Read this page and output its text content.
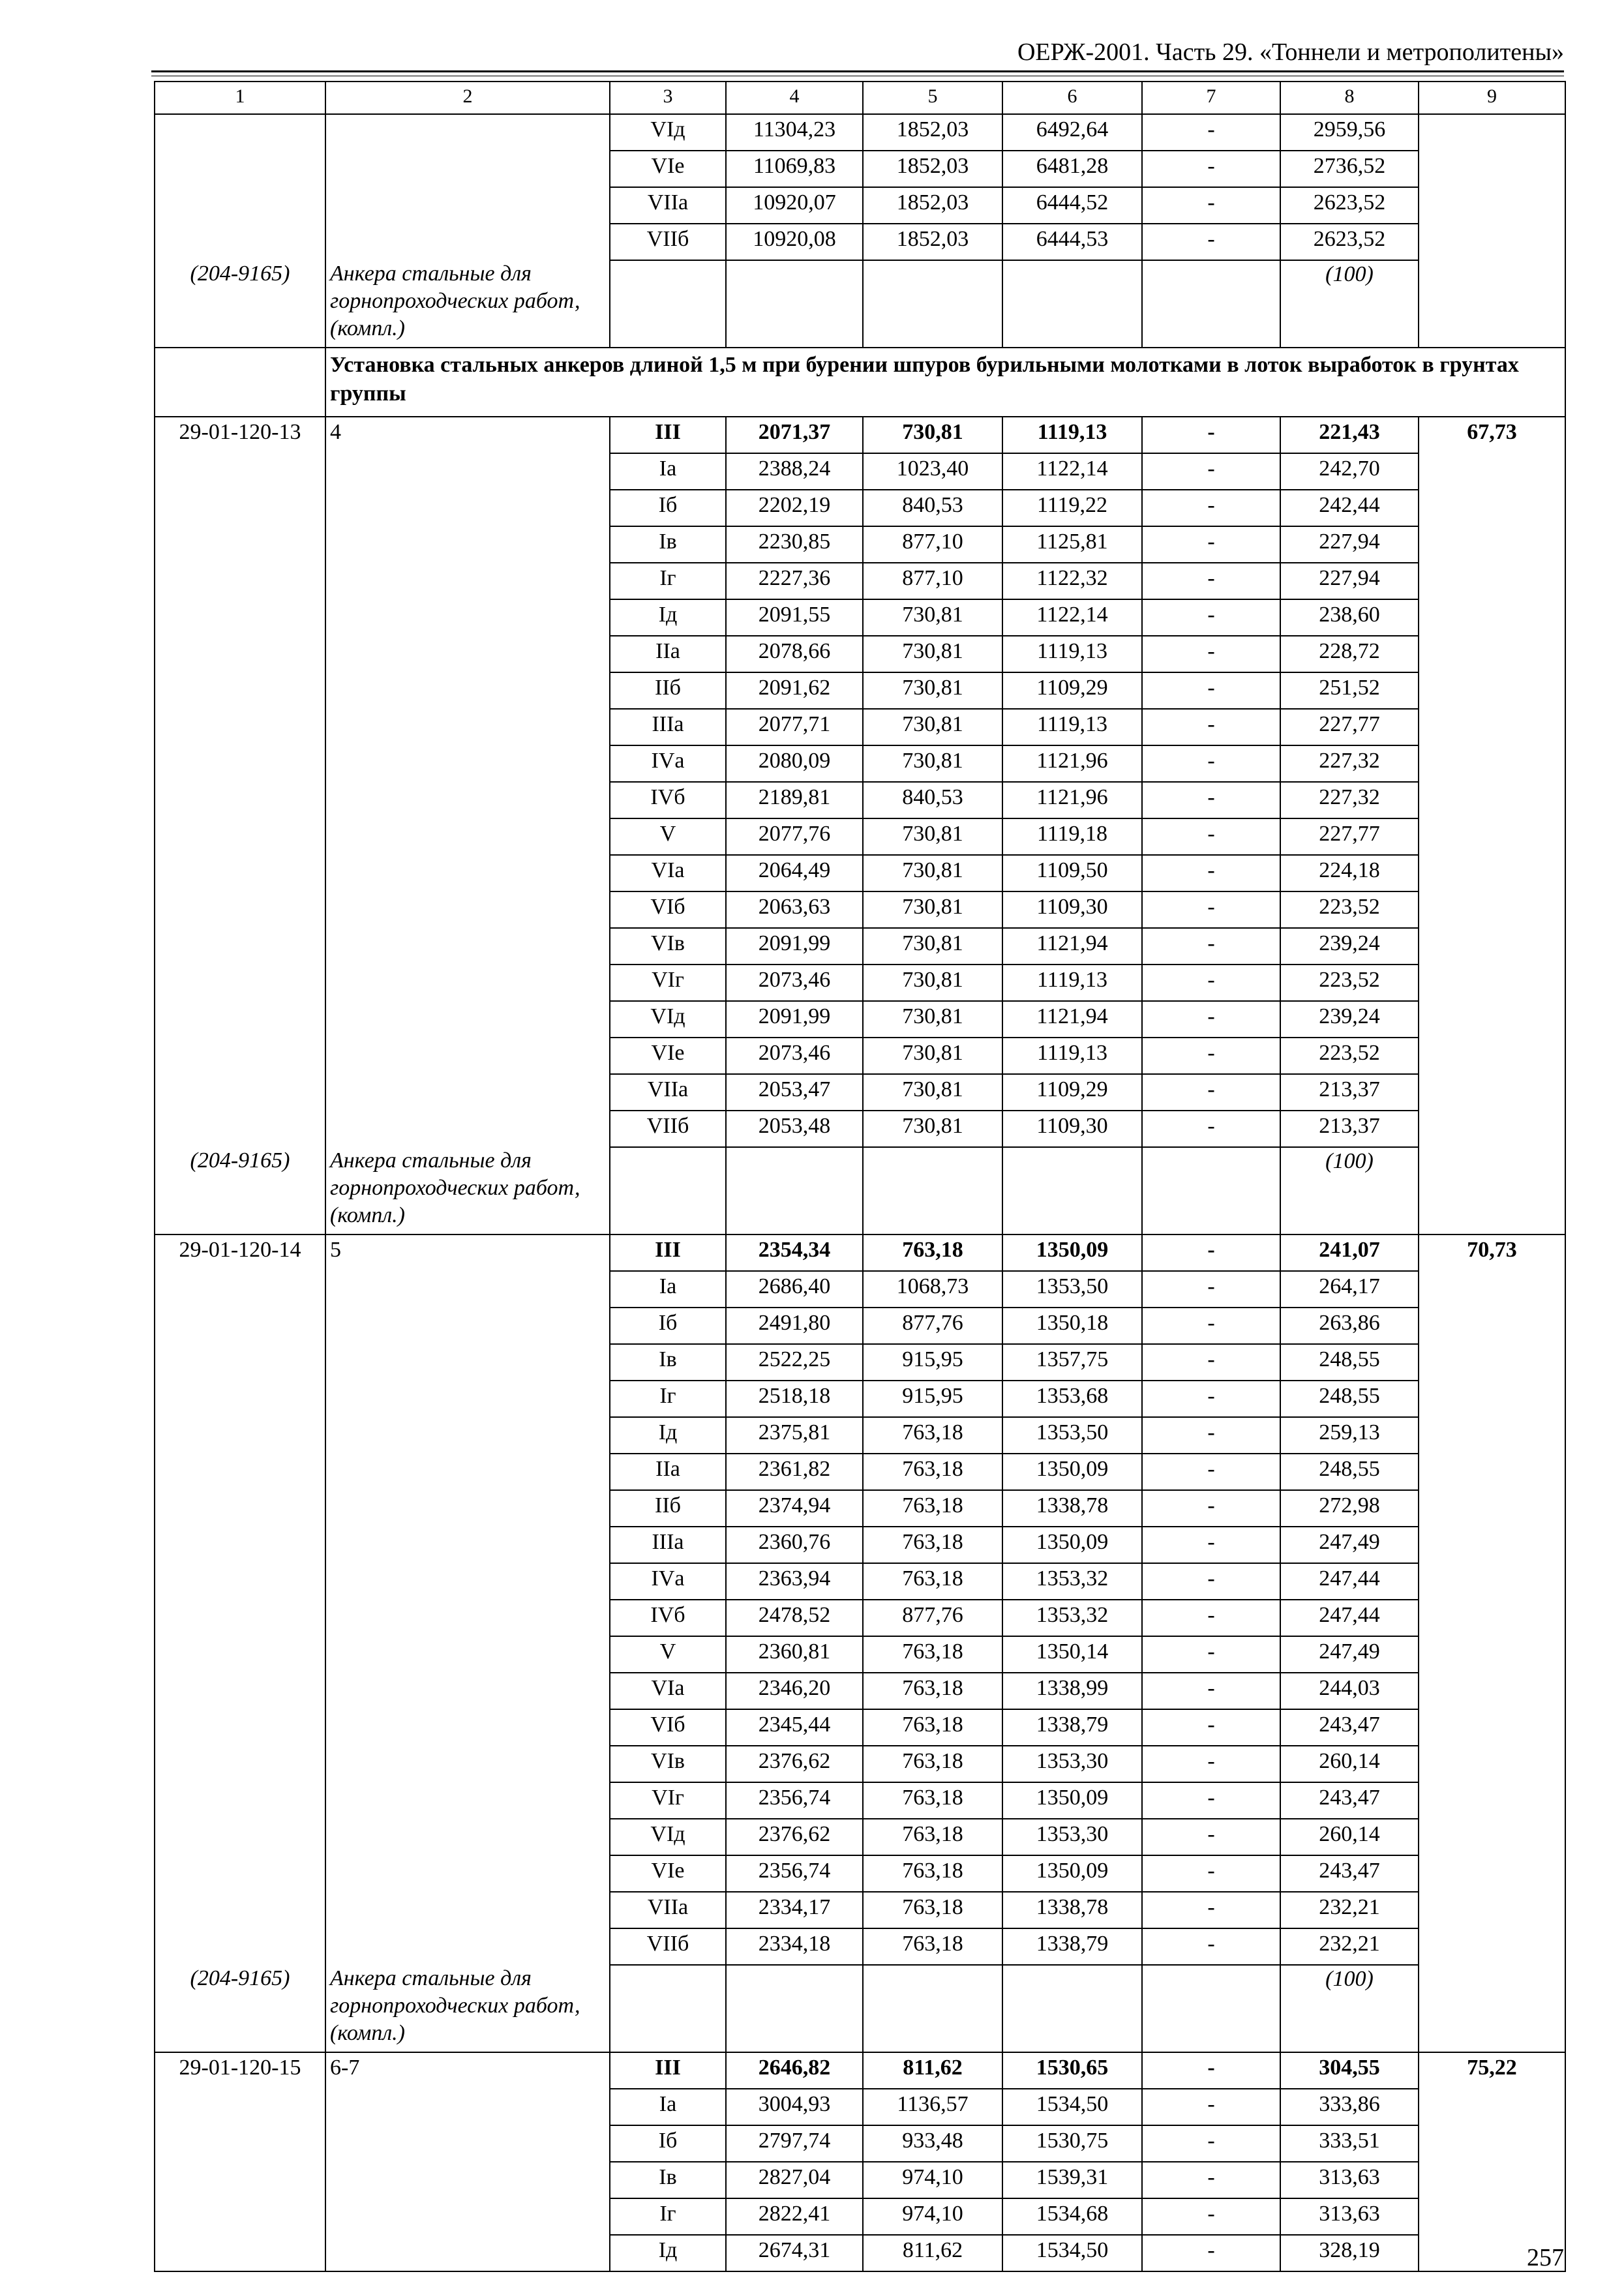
ОЕРЖ-2001. Часть 29. «Тоннели и метрополитены»
1	2	3	4	5	6	7	8	9
		VIд	11304,23	1852,03	6492,64	-	2959,56	
		VIе	11069,83	1852,03	6481,28	-	2736,52	
		VIIа	10920,07	1852,03	6444,52	-	2623,52	
		VIIб	10920,08	1852,03	6444,53	-	2623,52	
(204-9165)	Анкера стальные для горнопроходческих работ, (компл.)						(100)	
	Установка стальных анкеров длиной 1,5 м при бурении шпуров бурильными молотками в лоток выработок в грунтах группы							
29-01-120-13	4	III	2071,37	730,81	1119,13	-	221,43	67,73
		Iа	2388,24	1023,40	1122,14	-	242,70	
		Iб	2202,19	840,53	1119,22	-	242,44	
		Iв	2230,85	877,10	1125,81	-	227,94	
		Iг	2227,36	877,10	1122,32	-	227,94	
		Iд	2091,55	730,81	1122,14	-	238,60	
		IIа	2078,66	730,81	1119,13	-	228,72	
		IIб	2091,62	730,81	1109,29	-	251,52	
		IIIа	2077,71	730,81	1119,13	-	227,77	
		IVа	2080,09	730,81	1121,96	-	227,32	
		IVб	2189,81	840,53	1121,96	-	227,32	
		V	2077,76	730,81	1119,18	-	227,77	
		VIа	2064,49	730,81	1109,50	-	224,18	
		VIб	2063,63	730,81	1109,30	-	223,52	
		VIв	2091,99	730,81	1121,94	-	239,24	
		VIг	2073,46	730,81	1119,13	-	223,52	
		VIд	2091,99	730,81	1121,94	-	239,24	
		VIе	2073,46	730,81	1119,13	-	223,52	
		VIIа	2053,47	730,81	1109,29	-	213,37	
		VIIб	2053,48	730,81	1109,30	-	213,37	
(204-9165)	Анкера стальные для горнопроходческих работ, (компл.)						(100)	
29-01-120-14	5	III	2354,34	763,18	1350,09	-	241,07	70,73
		Iа	2686,40	1068,73	1353,50	-	264,17	
		Iб	2491,80	877,76	1350,18	-	263,86	
		Iв	2522,25	915,95	1357,75	-	248,55	
		Iг	2518,18	915,95	1353,68	-	248,55	
		Iд	2375,81	763,18	1353,50	-	259,13	
		IIа	2361,82	763,18	1350,09	-	248,55	
		IIб	2374,94	763,18	1338,78	-	272,98	
		IIIа	2360,76	763,18	1350,09	-	247,49	
		IVа	2363,94	763,18	1353,32	-	247,44	
		IVб	2478,52	877,76	1353,32	-	247,44	
		V	2360,81	763,18	1350,14	-	247,49	
		VIа	2346,20	763,18	1338,99	-	244,03	
		VIб	2345,44	763,18	1338,79	-	243,47	
		VIв	2376,62	763,18	1353,30	-	260,14	
		VIг	2356,74	763,18	1350,09	-	243,47	
		VIд	2376,62	763,18	1353,30	-	260,14	
		VIе	2356,74	763,18	1350,09	-	243,47	
		VIIа	2334,17	763,18	1338,78	-	232,21	
		VIIб	2334,18	763,18	1338,79	-	232,21	
(204-9165)	Анкера стальные для горнопроходческих работ, (компл.)						(100)	
29-01-120-15	6-7	III	2646,82	811,62	1530,65	-	304,55	75,22
		Iа	3004,93	1136,57	1534,50	-	333,86	
		Iб	2797,74	933,48	1530,75	-	333,51	
		Iв	2827,04	974,10	1539,31	-	313,63	
		Iг	2822,41	974,10	1534,68	-	313,63	
		Iд	2674,31	811,62	1534,50	-	328,19		257
